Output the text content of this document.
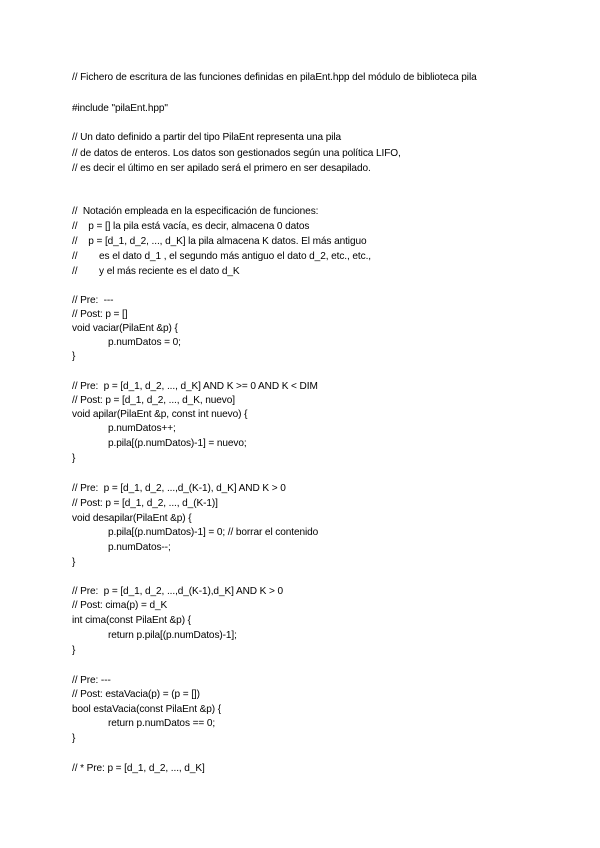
// Fichero de escritura de las funciones definidas en pilaEnt.hpp del módulo de biblioteca pila
#include "pilaEnt.hpp"
// Un dato definido a partir del tipo PilaEnt representa una pila
// de datos de enteros. Los datos son gestionados según una política LIFO,
// es decir el último en ser apilado será el primero en ser desapilado.
//  Notación empleada en la especificación de funciones:
//    p = [] la pila está vacía, es decir, almacena 0 datos
//    p = [d_1, d_2, ..., d_K] la pila almacena K datos. El más antiguo
//        es el dato d_1 , el segundo más antiguo el dato d_2, etc., etc.,
//        y el más reciente es el dato d_K
// Pre:  ---
// Post: p = []
void vaciar(PilaEnt &p) {
p.numDatos = 0;
}
// Pre:  p = [d_1, d_2, ..., d_K] AND K >= 0 AND K < DIM
// Post: p = [d_1, d_2, ..., d_K, nuevo]
void apilar(PilaEnt &p, const int nuevo) {
p.numDatos++;
p.pila[(p.numDatos)-1] = nuevo;
}
// Pre:  p = [d_1, d_2, ...,d_(K-1), d_K] AND K > 0
// Post: p = [d_1, d_2, ..., d_(K-1)]
void desapilar(PilaEnt &p) {
p.pila[(p.numDatos)-1] = 0; // borrar el contenido
p.numDatos--;
}
// Pre:  p = [d_1, d_2, ...,d_(K-1),d_K] AND K > 0
// Post: cima(p) = d_K
int cima(const PilaEnt &p) {
return p.pila[(p.numDatos)-1];
}
// Pre: ---
// Post: estaVacia(p) = (p = [])
bool estaVacia(const PilaEnt &p) {
return p.numDatos == 0;
}
// * Pre: p = [d_1, d_2, ..., d_K]
